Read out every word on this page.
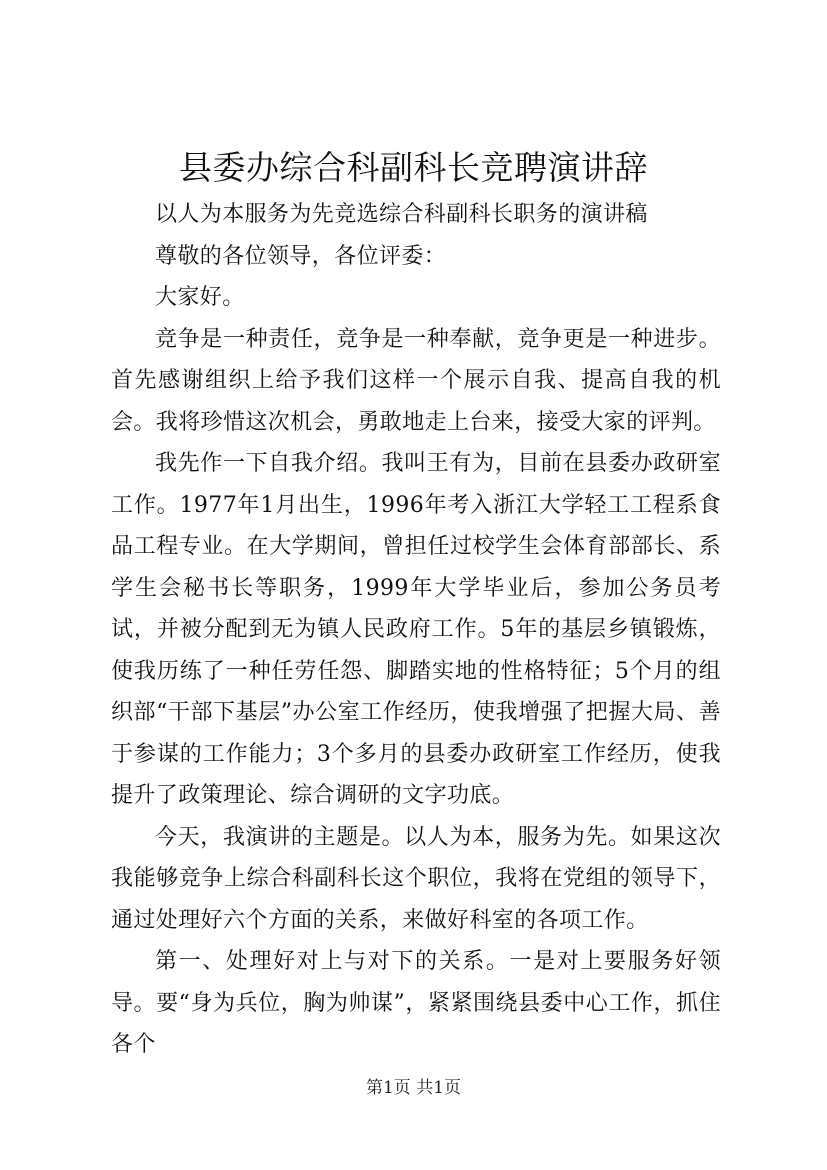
县委办综合科副科长竞聘演讲辞

以人为本服务为先竞选综合科副科长职务的演讲稿

尊敬的各位领导，各位评委：

大家好。

竞争是一种责任，竞争是一种奉献，竞争更是一种进步。首先感谢组织上给予我们这样一个展示自我、提高自我的机会。我将珍惜这次机会，勇敢地走上台来，接受大家的评判。

我先作一下自我介绍。我叫王有为，目前在县委办政研室工作。1977年1月出生，1996年考入浙江大学轻工工程系食品工程专业。在大学期间，曾担任过校学生会体育部部长、系学生会秘书长等职务，1999年大学毕业后，参加公务员考试，并被分配到无为镇人民政府工作。5年的基层乡镇锻炼，使我历练了一种任劳任怨、脚踏实地的性格特征；5个月的组织部“干部下基层”办公室工作经历，使我增强了把握大局、善于参谋的工作能力；3个多月的县委办政研室工作经历，使我提升了政策理论、综合调研的文字功底。

今天，我演讲的主题是。以人为本，服务为先。如果这次我能够竞争上综合科副科长这个职位，我将在党组的领导下，通过处理好六个方面的关系，来做好科室的各项工作。

第一、处理好对上与对下的关系。一是对上要服务好领导。要“身为兵位，胸为帅谋”，紧紧围绕县委中心工作，抓住各个

第1页 共1页
